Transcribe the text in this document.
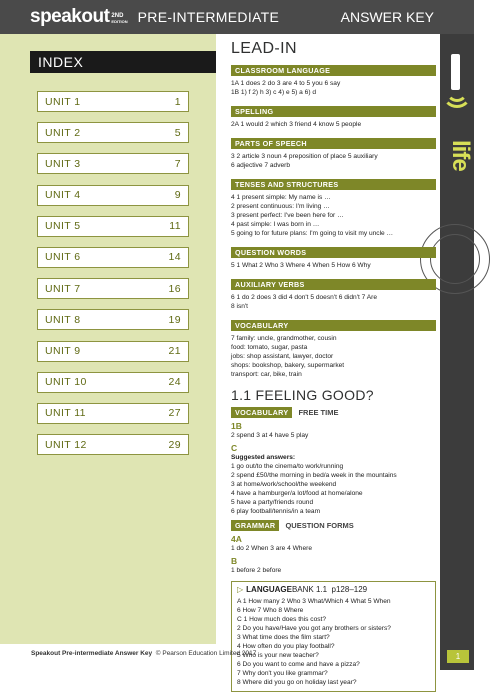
speakout 2ND
EDITION PRE-INTERMEDIATE	ANSWER KEY
life
1
INDEX
UNIT 1	1
UNIT 2	5
UNIT 3	7
UNIT 4	9
UNIT 5	11
UNIT 6	14
UNIT 7	16
UNIT 8	19
UNIT 9	21
UNIT 10	24
UNIT 11	27
UNIT 12	29
LEAD-IN
CLASSROOM LANGUAGE
1A 1 does 2 do 3 are 4 to 5 you 6 say
1B 1) f 2) h 3) c 4) e 5) a 6) d
SPELLING
2A 1 would 2 which 3 friend 4 know 5 people
PARTS OF SPEECH
3 2 article 3 noun 4 preposition of place 5 auxiliary
6 adjective 7 adverb
TENSES AND STRUCTURES
4 1 present simple: My name is …
2 present continuous: I'm living …
3 present perfect: I've been here for …
4 past simple: I was born in …
5 going to for future plans: I'm going to visit my uncle …
QUESTION WORDS
5 1 What 2 Who 3 Where 4 When 5 How 6 Why
AUXILIARY VERBS
6 1 do 2 does 3 did 4 don't 5 doesn't 6 didn't 7 Are
8 isn't
VOCABULARY
7 family: uncle, grandmother, cousin
food: tomato, sugar, pasta
jobs: shop assistant, lawyer, doctor
shops: bookshop, bakery, supermarket
transport: car, bike, train
1.1 FEELING GOOD?
VOCABULARY	FREE TIME
1B
2 spend 3 at 4 have 5 play
C
Suggested answers:
1 go out/to the cinema/to work/running
2 spend £50/the morning in bed/a week in the mountains
3 at home/work/school/the weekend
4 have a hamburger/a lot/food at home/alone
5 have a party/friends round
6 play football/tennis/in a team
GRAMMAR	QUESTION FORMS
4A
1 do 2 When 3 are 4 Where
B
1 before 2 before
▷ LANGUAGEBANK 1.1 p128–129
A 1 How many 2 Who 3 What/Which 4 What 5 When
6 How 7 Who 8 Where
C 1 How much does this cost?
2 Do you have/Have you got any brothers or sisters?
3 What time does the film start?
4 How often do you play football?
5 Who is your new teacher?
6 Do you want to come and have a pizza?
7 Why don't you like grammar?
8 Where did you go on holiday last year?
Speakout Pre-intermediate Answer Key © Pearson Education Limited 2017
